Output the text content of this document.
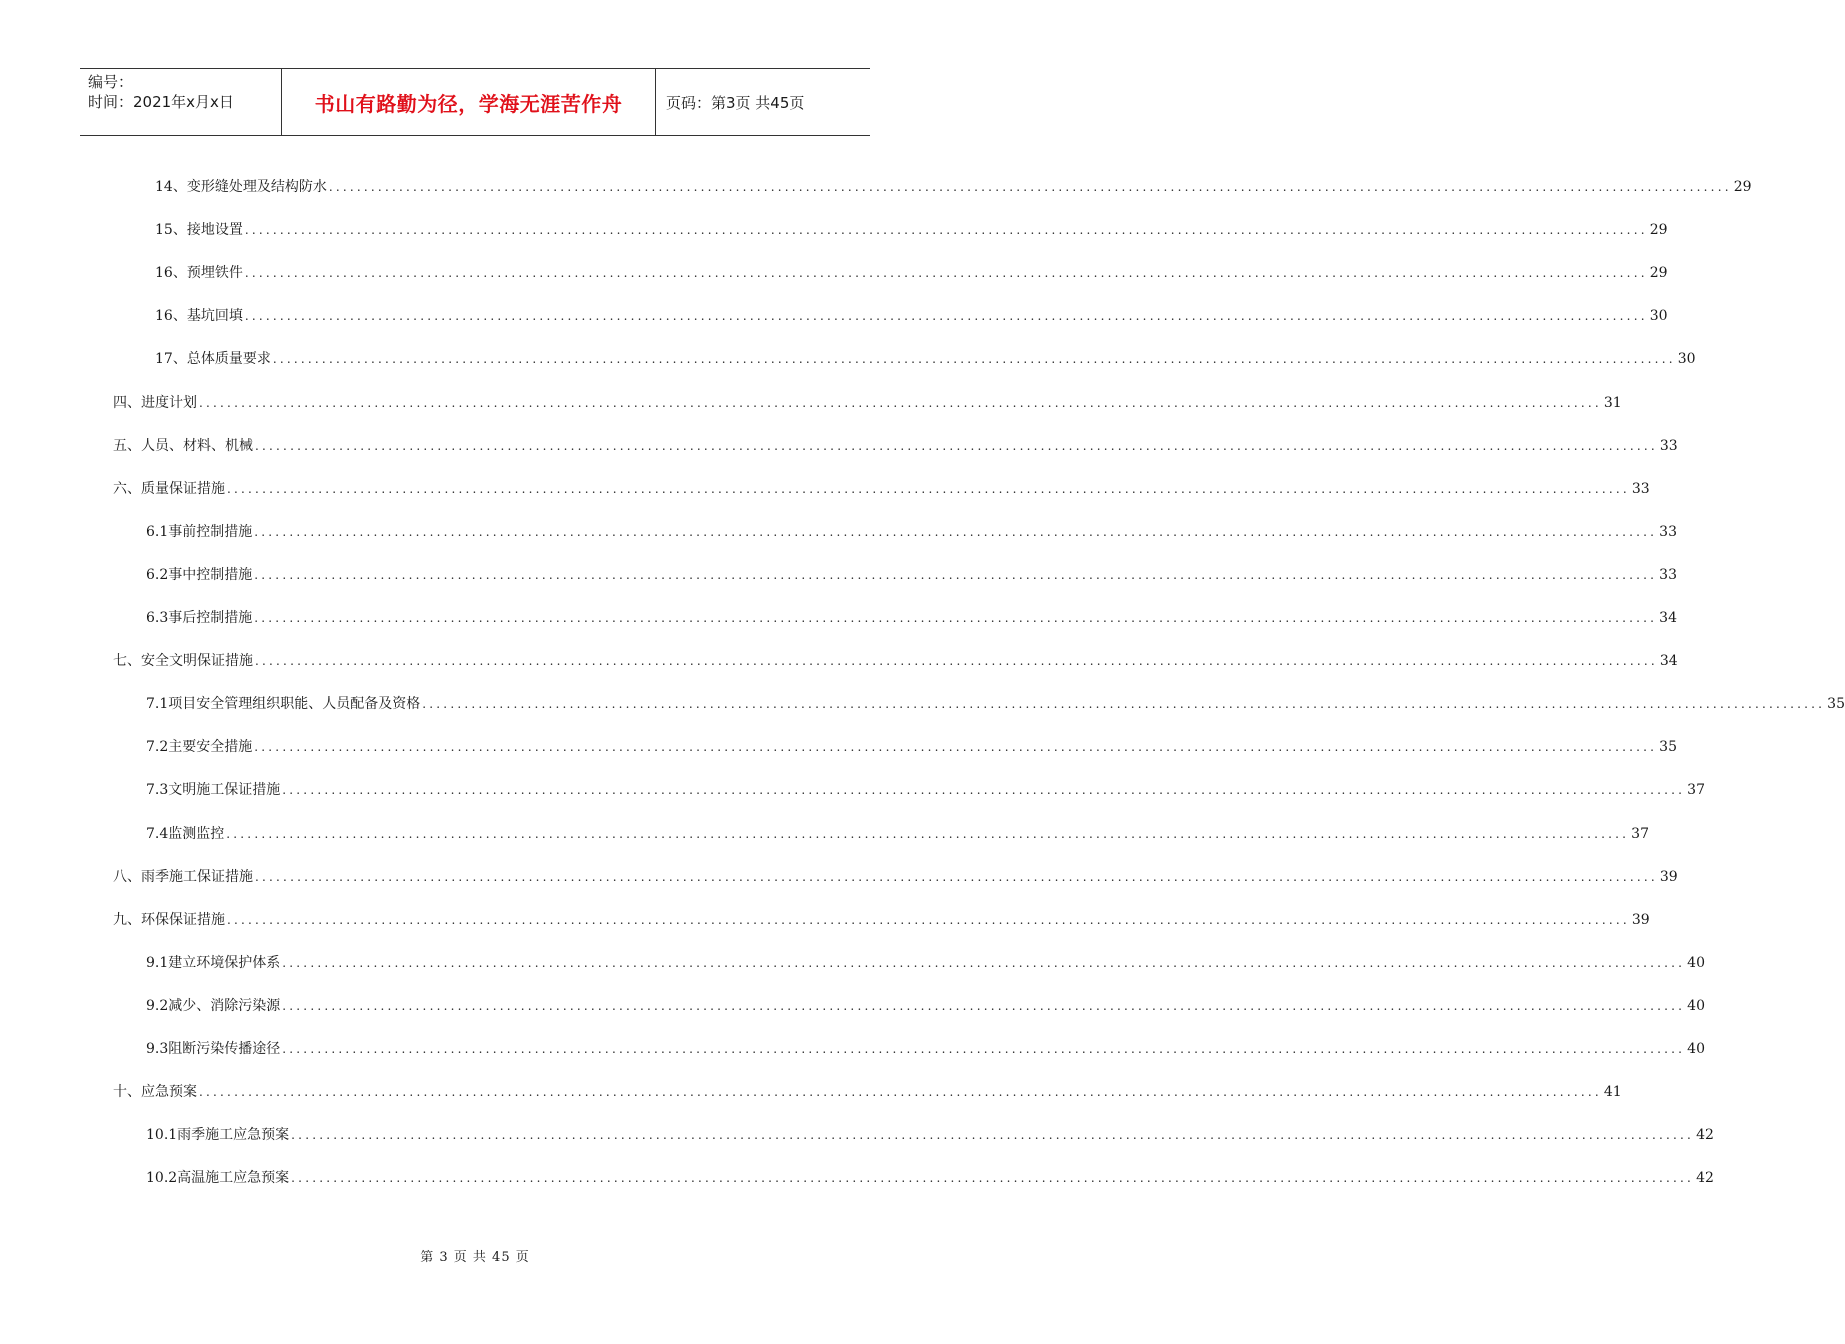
编号：
时间：2021年x月x日	书山有路勤为径，学海无涯苦作舟	页码：第3页 共45页
14、变形缝处理及结构防水 ........................................................................................................................................................................................................ 29
15、接地设置 ........................................................................................................................................................................................................ 29
16、预埋铁件 ........................................................................................................................................................................................................ 29
16、基坑回填 ........................................................................................................................................................................................................ 30
17、总体质量要求 ........................................................................................................................................................................................................ 30
四、进度计划 ........................................................................................................................................................................................................ 31
五、人员、材料、机械 ........................................................................................................................................................................................................ 33
六、质量保证措施 ........................................................................................................................................................................................................ 33
6.1事前控制措施 ........................................................................................................................................................................................................ 33
6.2事中控制措施 ........................................................................................................................................................................................................ 33
6.3事后控制措施 ........................................................................................................................................................................................................ 34
七、安全文明保证措施 ........................................................................................................................................................................................................ 34
7.1项目安全管理组织职能、人员配备及资格 ........................................................................................................................................................................................................ 35
7.2主要安全措施 ........................................................................................................................................................................................................ 35
7.3文明施工保证措施 ........................................................................................................................................................................................................ 37
7.4监测监控 ........................................................................................................................................................................................................ 37
八、雨季施工保证措施 ........................................................................................................................................................................................................ 39
九、环保保证措施 ........................................................................................................................................................................................................ 39
9.1建立环境保护体系 ........................................................................................................................................................................................................ 40
9.2减少、消除污染源 ........................................................................................................................................................................................................ 40
9.3阻断污染传播途径 ........................................................................................................................................................................................................ 40
十、应急预案 ........................................................................................................................................................................................................ 41
10.1雨季施工应急预案 ........................................................................................................................................................................................................ 42
10.2高温施工应急预案 ........................................................................................................................................................................................................ 42
第 3 页 共 45 页
